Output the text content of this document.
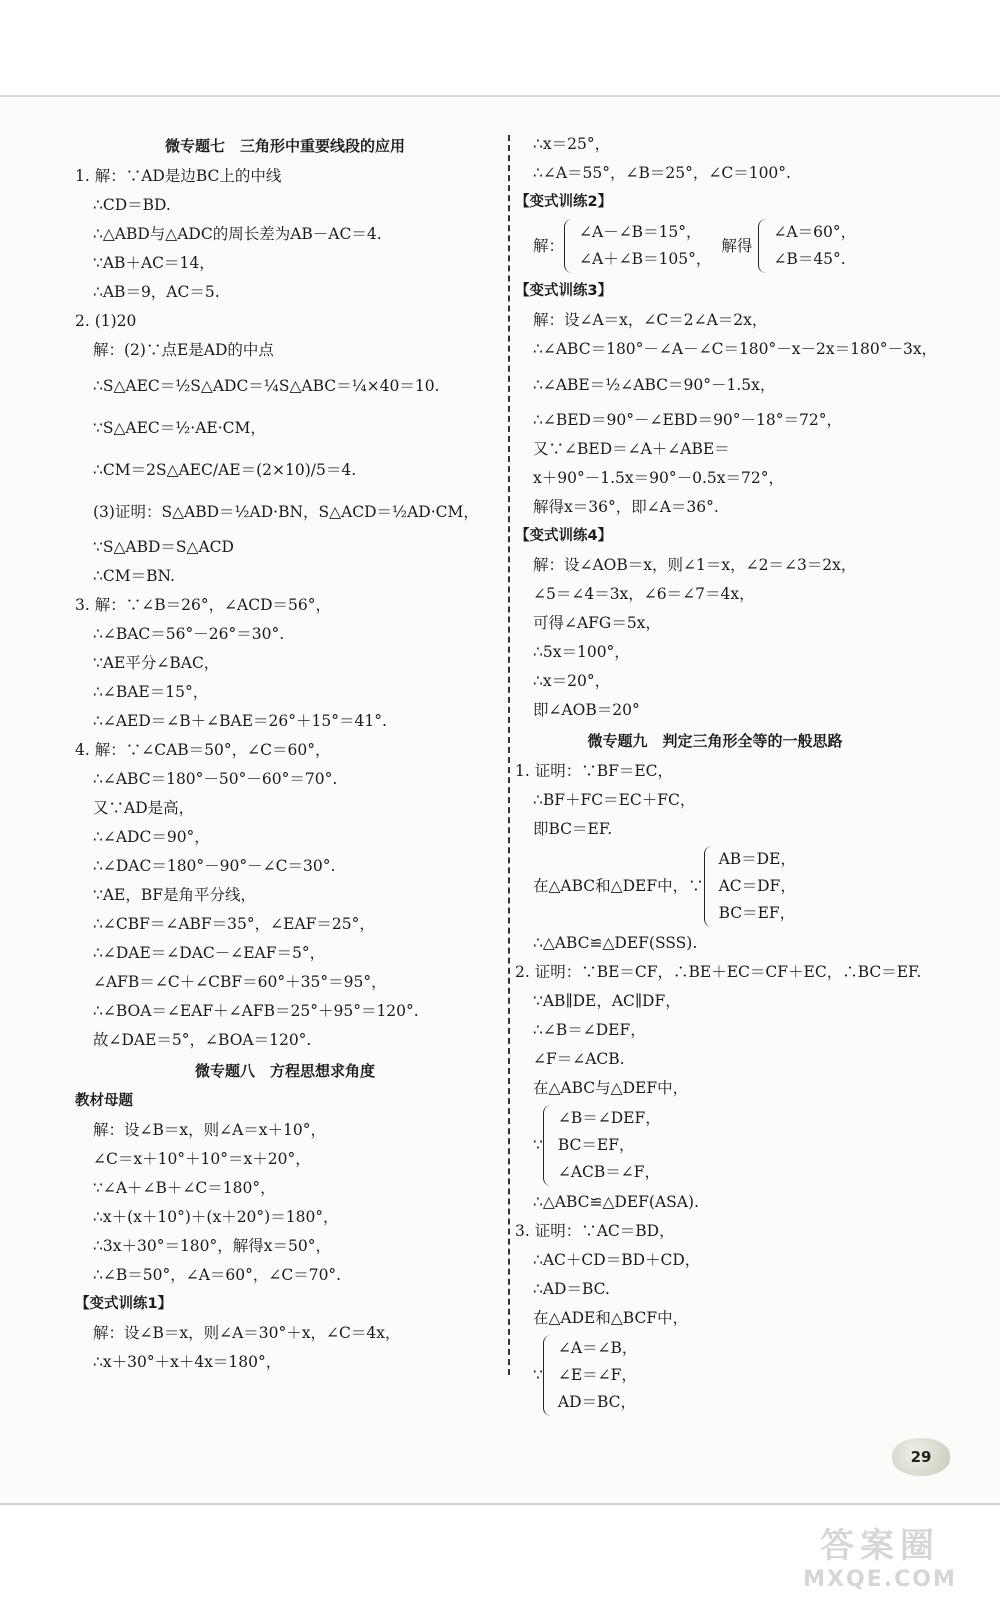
微专题七　三角形中重要线段的应用
1. 解：∵AD是边BC上的中线
∴CD＝BD.
∴△ABD与△ADC的周长差为AB－AC＝4.
∵AB＋AC＝14，
∴AB＝9，AC＝5.
2. (1)20
解：(2)∵点E是AD的中点
∴S△AEC＝½S△ADC＝¼S△ABC＝¼×40＝10.
∵S△AEC＝½·AE·CM，
∴CM＝2S△AEC/AE＝(2×10)/5＝4.
(3)证明：S△ABD＝½AD·BN，S△ACD＝½AD·CM，
∵S△ABD＝S△ACD
∴CM＝BN.
3. 解：∵∠B＝26°，∠ACD＝56°，
∴∠BAC＝56°－26°＝30°.
∵AE平分∠BAC，
∴∠BAE＝15°，
∴∠AED＝∠B＋∠BAE＝26°＋15°＝41°.
4. 解：∵∠CAB＝50°，∠C＝60°，
∴∠ABC＝180°－50°－60°＝70°.
又∵AD是高，
∴∠ADC＝90°，
∴∠DAC＝180°－90°－∠C＝30°.
∵AE，BF是角平分线，
∴∠CBF＝∠ABF＝35°，∠EAF＝25°，
∴∠DAE＝∠DAC－∠EAF＝5°，
∠AFB＝∠C＋∠CBF＝60°＋35°＝95°，
∴∠BOA＝∠EAF＋∠AFB＝25°＋95°＝120°.
故∠DAE＝5°，∠BOA＝120°.
微专题八　方程思想求角度
教材母题
解：设∠B＝x，则∠A＝x＋10°，
∠C＝x＋10°＋10°＝x＋20°，
∵∠A＋∠B＋∠C＝180°，
∴x＋(x＋10°)＋(x＋20°)＝180°，
∴3x＋30°＝180°，解得x＝50°，
∴∠B＝50°，∠A＝60°，∠C＝70°.
【变式训练1】
解：设∠B＝x，则∠A＝30°＋x，∠C＝4x，
∴x＋30°＋x＋4x＝180°，
∴x＝25°，
∴∠A＝55°，∠B＝25°，∠C＝100°.
【变式训练2】
解：
∠A－∠B＝15°，
∠A＋∠B＝105°，
解得
∠A＝60°，
∠B＝45°.
【变式训练3】
解：设∠A＝x，∠C＝2∠A＝2x，
∴∠ABC＝180°－∠A－∠C＝180°－x－2x＝180°－3x，
∴∠ABE＝½∠ABC＝90°－1.5x，
∴∠BED＝90°－∠EBD＝90°－18°＝72°，
又∵∠BED＝∠A＋∠ABE＝
x＋90°－1.5x＝90°－0.5x＝72°，
解得x＝36°，即∠A＝36°.
【变式训练4】
解：设∠AOB＝x，则∠1＝x，∠2＝∠3＝2x，
∠5＝∠4＝3x，∠6＝∠7＝4x，
可得∠AFG＝5x，
∴5x＝100°，
∴x＝20°，
即∠AOB＝20°
微专题九　判定三角形全等的一般思路
1. 证明：∵BF＝EC，
∴BF＋FC＝EC＋FC，
即BC＝EF.
在△ABC和△DEF中，∵
AB＝DE，
AC＝DF，
BC＝EF，
∴△ABC≌△DEF(SSS).
2. 证明：∵BE＝CF，∴BE＋EC＝CF＋EC，∴BC＝EF.
∵AB∥DE，AC∥DF，
∴∠B＝∠DEF，
∠F＝∠ACB.
在△ABC与△DEF中，
∵
∠B＝∠DEF，
BC＝EF，
∠ACB＝∠F，
∴△ABC≌△DEF(ASA).
3. 证明：∵AC＝BD，
∴AC＋CD＝BD＋CD，
∴AD＝BC.
在△ADE和△BCF中，
∵
∠A＝∠B，
∠E＝∠F，
AD＝BC，
29
答案圈
MXQE.COM
